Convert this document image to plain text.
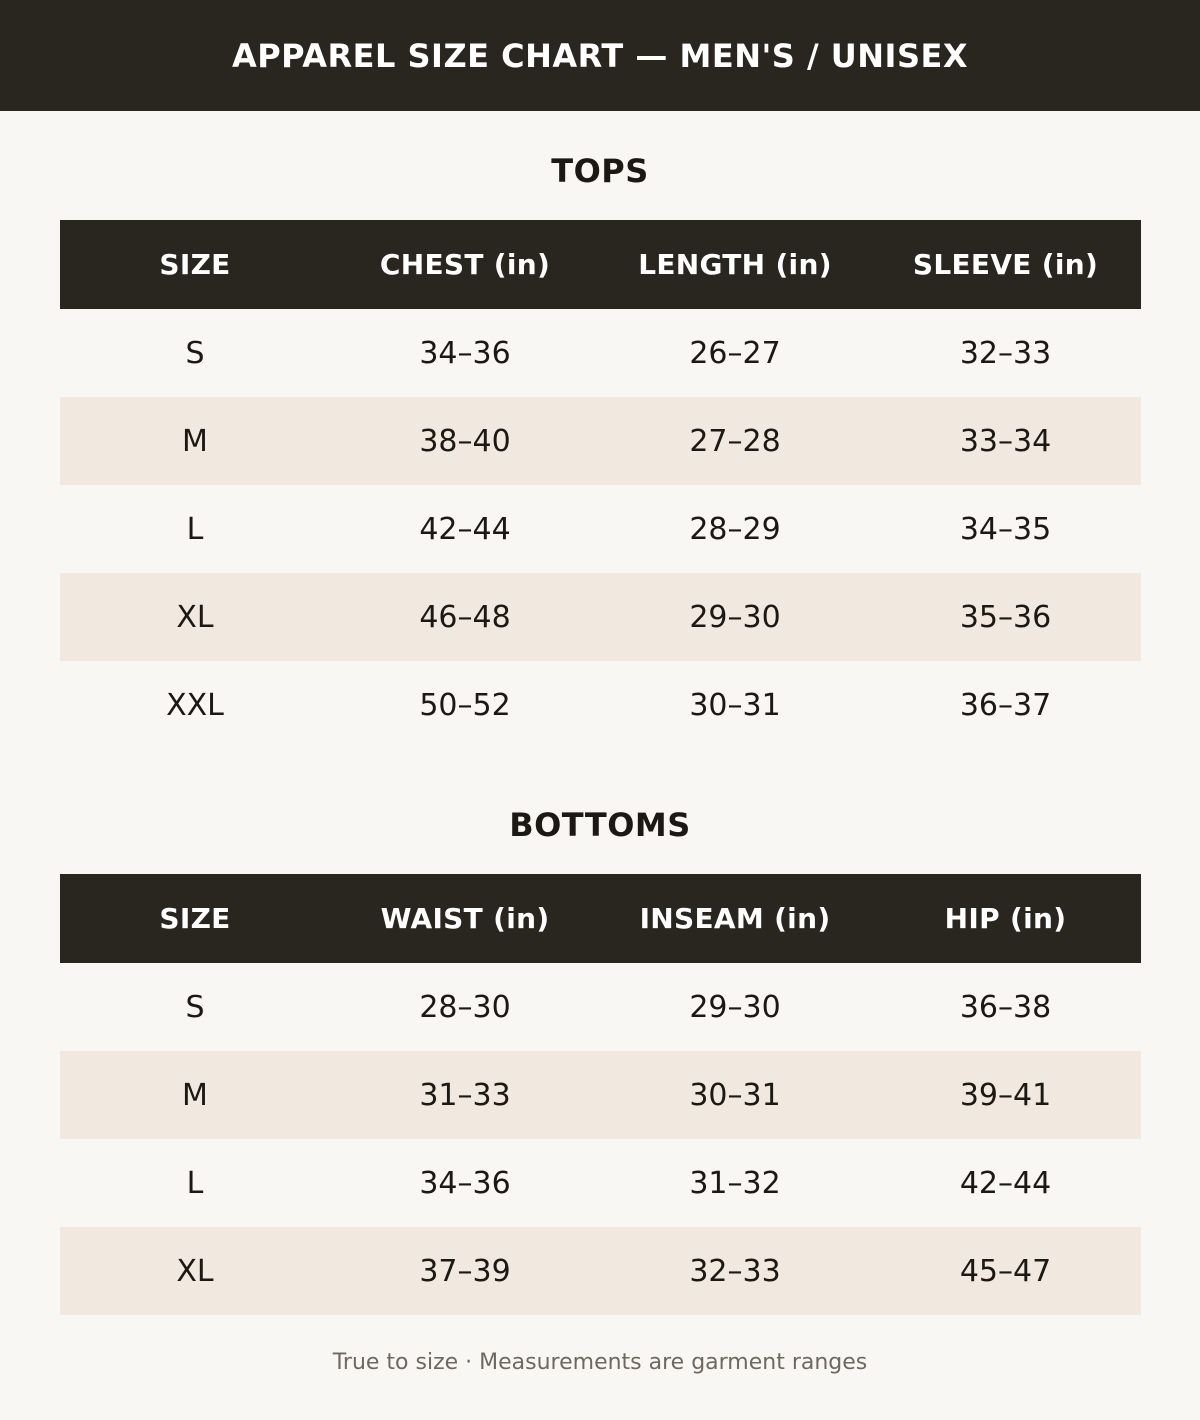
APPAREL SIZE CHART — MEN'S / UNISEX
TOPS
SIZE	CHEST (in)	LENGTH (in)	SLEEVE (in)
S	34–36	26–27	32–33
M	38–40	27–28	33–34
L	42–44	28–29	34–35
XL	46–48	29–30	35–36
XXL	50–52	30–31	36–37
BOTTOMS
SIZE	WAIST (in)	INSEAM (in)	HIP (in)
S	28–30	29–30	36–38
M	31–33	30–31	39–41
L	34–36	31–32	42–44
XL	37–39	32–33	45–47
True to size · Measurements are garment ranges
